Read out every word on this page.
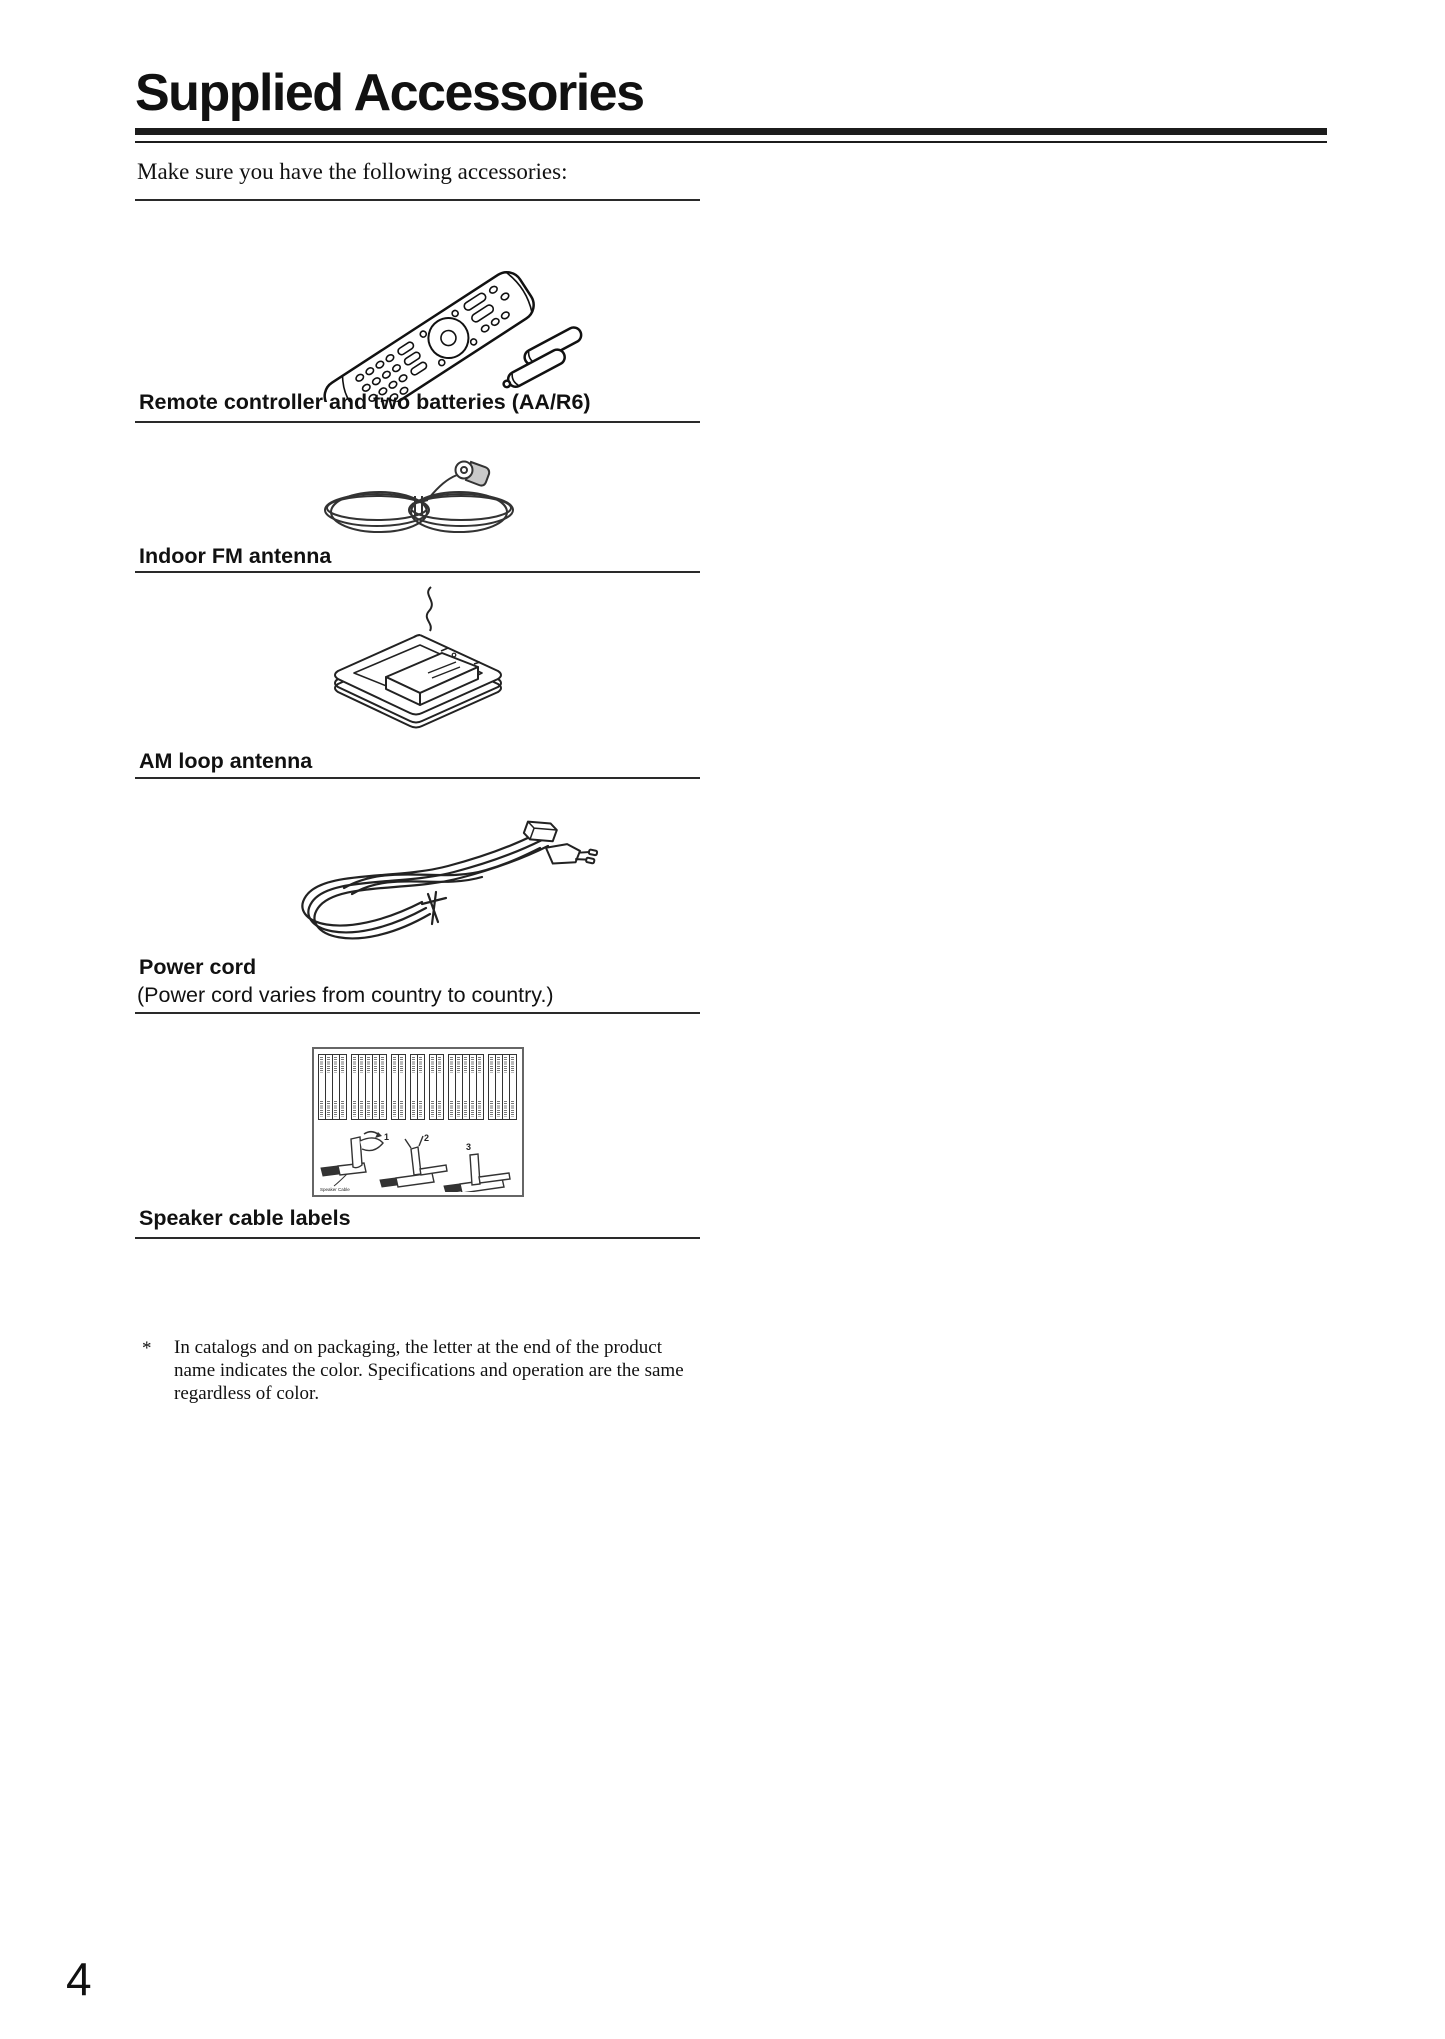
Supplied Accessories
Make sure you have the following accessories:
Remote controller and two batteries (AA/R6)
Indoor FM antenna
AM loop antenna
Power cord
(Power cord varies from country to country.)
1
Speaker Cable
2
3
Speaker cable labels
* In catalogs and on packaging, the letter at the end of the product
name indicates the color. Specifications and operation are the same
regardless of color.
4
